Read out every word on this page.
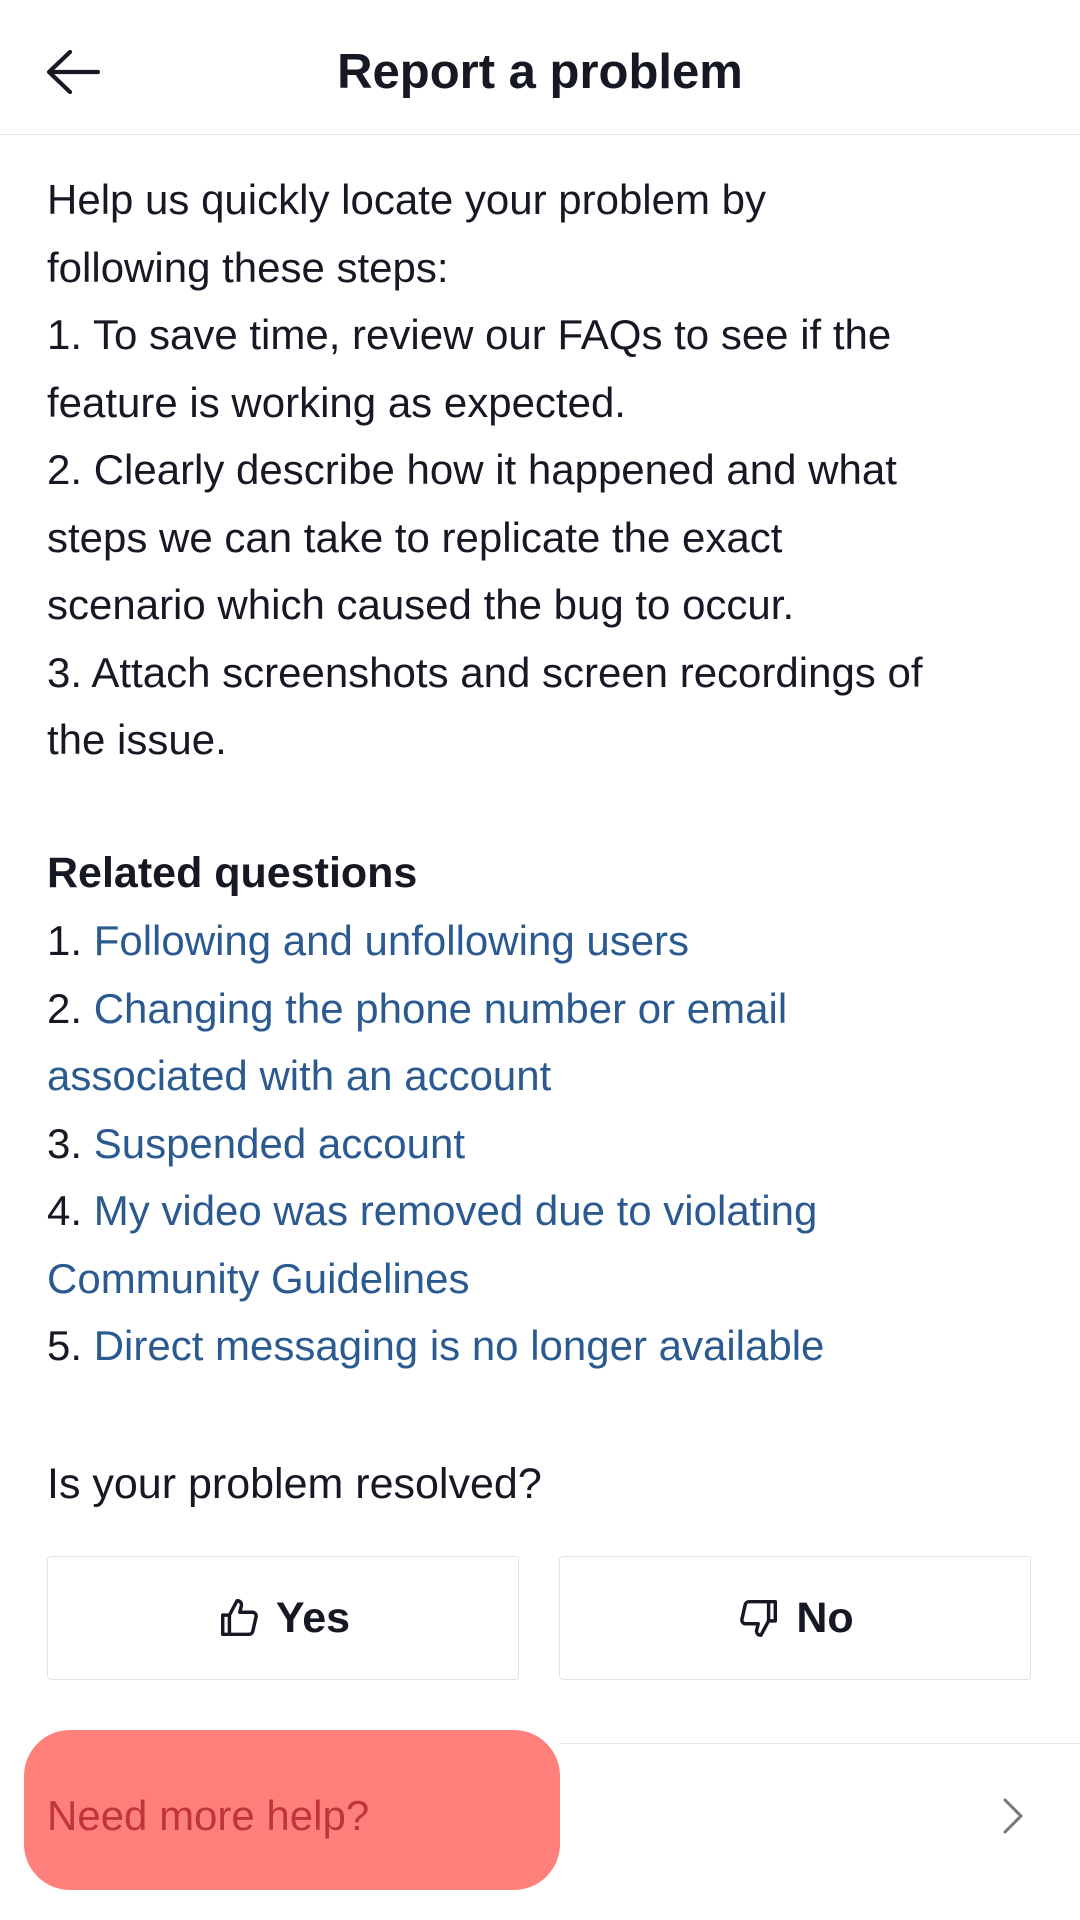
Report a problem

Help us quickly locate your problem by

following these steps:

1. To save time, review our FAQs to see if the

feature is working as expected.

2. Clearly describe how it happened and what

steps we can take to replicate the exact

scenario which caused the bug to occur.

3. Attach screenshots and screen recordings of

the issue.

Related questions
1. Following and unfollowing users
2. Changing the phone number or email
associated with an account
3. Suspended account
4. My video was removed due to violating
Community Guidelines
5. Direct messaging is no longer available
Is your problem resolved?
Yes	No
Need more help?
